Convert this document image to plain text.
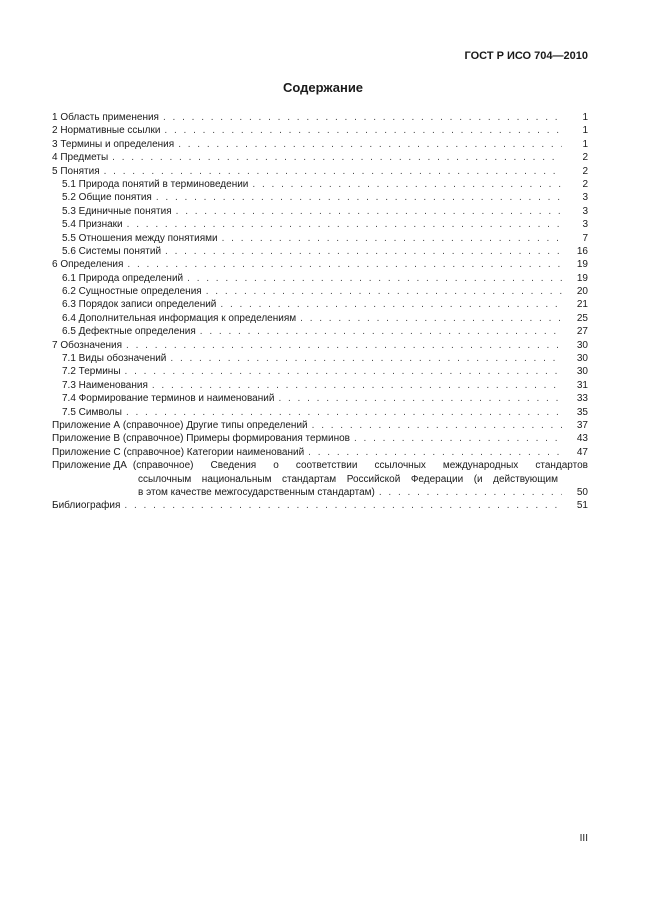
ГОСТ Р ИСО 704—2010
Содержание
1 Область применения . . .	1
2 Нормативные ссылки . . .	1
3 Термины и определения . . .	1
4 Предметы . . .	2
5 Понятия . . .	2
5.1 Природа понятий в терминоведении . . .	2
5.2 Общие понятия . . .	3
5.3 Единичные понятия . . .	3
5.4 Признаки . . .	3
5.5 Отношения между понятиями . . .	7
5.6 Системы понятий . . .	16
6 Определения . . .	19
6.1 Природа определений . . .	19
6.2 Сущностные определения . . .	20
6.3 Порядок записи определений . . .	21
6.4 Дополнительная информация к определениям . . .	25
6.5 Дефектные определения . . .	27
7 Обозначения . . .	30
7.1 Виды обозначений . . .	30
7.2 Термины . . .	30
7.3 Наименования . . .	31
7.4 Формирование терминов и наименований . . .	33
7.5 Символы . . .	35
Приложение А (справочное) Другие типы определений . . .	37
Приложение В (справочное) Примеры формирования терминов . . .	43
Приложение С (справочное) Категории наименований . . .	47
Приложение ДА (справочное) Сведения о соответствии ссылочных международных стандартов
ссылочным национальным стандартам Российской Федерации (и действующим
в этом качестве межгосударственным стандартам) . . .	50
Библиография . . .	51
III
